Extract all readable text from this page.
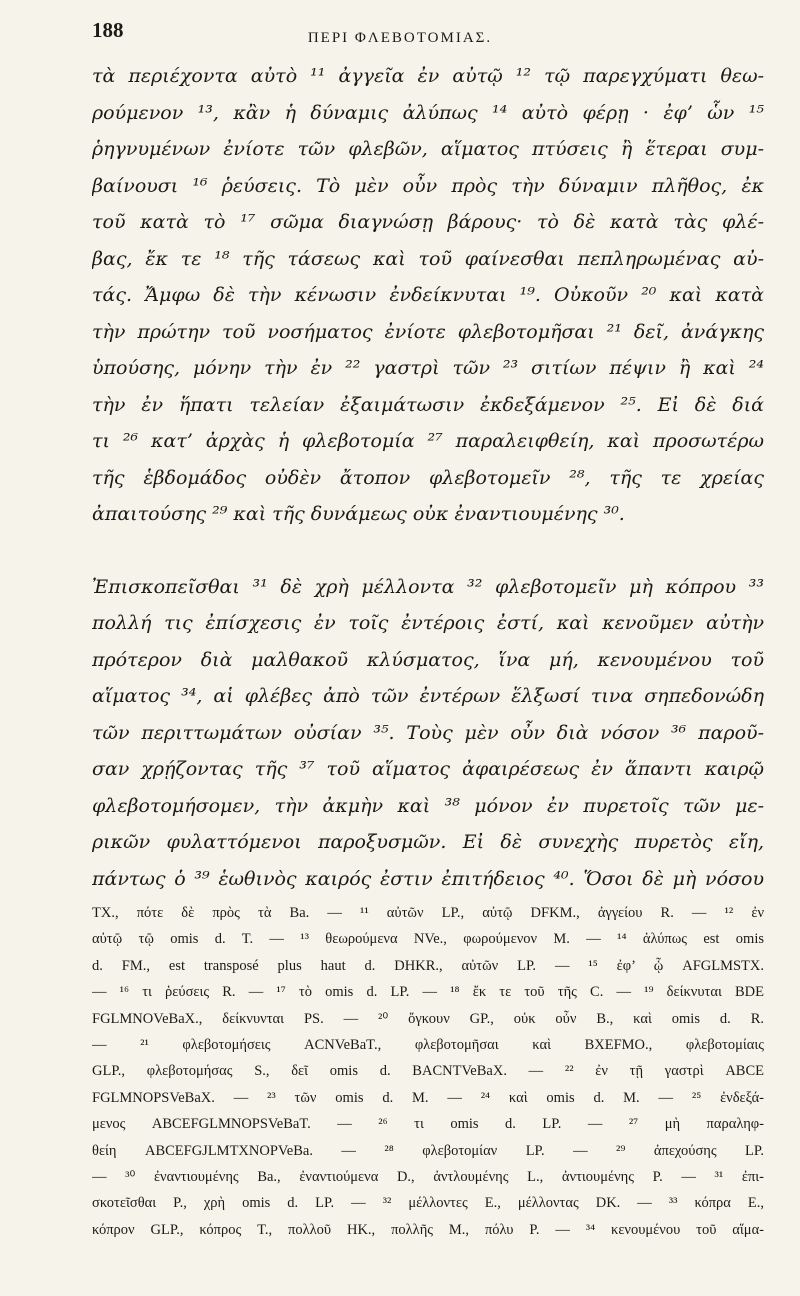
188	ΠΕΡΙ ΦΛΕΒΟΤΟΜΙΑΣ.
τὰ περιέχοντα αὐτὸ ¹¹ ἀγγεῖα ἐν αὐτῷ ¹² τῷ παρεγχύματι θεω-
ρούμενον ¹³, κἂν ἡ δύναμις ἀλύπως ¹⁴ αὐτὸ φέρῃ · ἐφ’ ὧν ¹⁵
ῥηγνυμένων ἐνίοτε τῶν φλεβῶν, αἵματος πτύσεις ἢ ἕτεραι συμ-
βαίνουσι ¹⁶ ῥεύσεις. Τὸ μὲν οὖν πρὸς τὴν δύναμιν πλῆθος, ἐκ
τοῦ κατὰ τὸ ¹⁷ σῶμα διαγνώσῃ βάρους· τὸ δὲ κατὰ τὰς φλέ-
βας, ἔκ τε ¹⁸ τῆς τάσεως καὶ τοῦ φαίνεσθαι πεπληρωμένας αὐ-
τάς. Ἄμφω δὲ τὴν κένωσιν ἐνδείκνυται ¹⁹. Οὐκοῦν ²⁰ καὶ κατὰ
τὴν πρώτην τοῦ νοσήματος ἐνίοτε φλεβοτομῆσαι ²¹ δεῖ, ἀνάγκης
ὑπούσης, μόνην τὴν ἐν ²² γαστρὶ τῶν ²³ σιτίων πέψιν ἢ καὶ ²⁴
τὴν ἐν ἥπατι τελείαν ἐξαιμάτωσιν ἐκδεξάμενον ²⁵. Εἰ δὲ διά
τι ²⁶ κατ’ ἀρχὰς ἡ φλεβοτομία ²⁷ παραλειφθείη, καὶ προσωτέρω
τῆς ἑβδομάδος οὐδὲν ἄτοπον φλεβοτομεῖν ²⁸, τῆς τε χρείας
ἀπαιτούσης ²⁹ καὶ τῆς δυνάμεως οὐκ ἐναντιουμένης ³⁰.
Ἐπισκοπεῖσθαι ³¹ δὲ χρὴ μέλλοντα ³² φλεβοτομεῖν μὴ κόπρου ³³
πολλή τις ἐπίσχεσις ἐν τοῖς ἐντέροις ἐστί, καὶ κενοῦμεν αὐτὴν
πρότερον διὰ μαλθακοῦ κλύσματος, ἵνα μή, κενουμένου τοῦ
αἵματος ³⁴, αἱ φλέβες ἀπὸ τῶν ἐντέρων ἕλξωσί τινα σηπεδονώδη
τῶν περιττωμάτων οὐσίαν ³⁵. Τοὺς μὲν οὖν διὰ νόσον ³⁶ παροῦ-
σαν χρῄζοντας τῆς ³⁷ τοῦ αἵματος ἀφαιρέσεως ἐν ἅπαντι καιρῷ
φλεβοτομήσομεν, τὴν ἀκμὴν καὶ ³⁸ μόνον ἐν πυρετοῖς τῶν με-
ρικῶν φυλαττόμενοι παροξυσμῶν. Εἰ δὲ συνεχὴς πυρετὸς εἴη,
πάντως ὁ ³⁹ ἑωθινὸς καιρός ἐστιν ἐπιτήδειος ⁴⁰. Ὅσοι δὲ μὴ νόσου
TX., πότε δὲ πρὸς τὰ Ba. — ¹¹ αὐτῶν LP., αὐτῷ DFKM., ἀγγείου R. — ¹² ἐν
αὐτῷ τῷ omis d. T. — ¹³ θεωρούμενα NVe., φωρούμενον M. — ¹⁴ ἀλύπως est omis
d. FM., est transposé plus haut d. DHKR., αὐτῶν LP. — ¹⁵ ἐφ’ ᾧ AFGLMSTX.
— ¹⁶ τι ῥεύσεις R. — ¹⁷ τὸ omis d. LP. — ¹⁸ ἔκ τε τοῦ τῆς C. — ¹⁹ δείκνυται BDE
FGLMNOVeBaX., δείκνυνται PS. — ²⁰ ὄγκουν GP., οὐκ οὖν B., καὶ omis d. R.
— ²¹ φλεβοτομήσεις ACNVeBaT., φλεβοτομῆσαι καὶ BXEFMO., φλεβοτομίαις
GLP., φλεβοτομήσας S., δεῖ omis d. BACNTVeBaX. — ²² ἐν τῇ γαστρὶ ABCE
FGLMNOPSVeBaX. — ²³ τῶν omis d. M. — ²⁴ καὶ omis d. M. — ²⁵ ἐνδεξά-
μενος ABCEFGLMNOPSVeBaT. — ²⁶ τι omis d. LP. — ²⁷ μὴ παραληφ-
θείη ABCEFGJLMTXNOPVeBa. — ²⁸ φλεβοτομίαν LP. — ²⁹ ἀπεχούσης LP.
— ³⁰ ἐναντιουμένης Ba., ἐναντιούμενα D., ἀντλουμένης L., ἀντιουμένης P. — ³¹ ἐπι-
σκοτεῖσθαι P., χρὴ omis d. LP. — ³² μέλλοντες E., μέλλοντας DK. — ³³ κόπρα E.,
κόπρον GLP., κόπρος T., πολλοῦ HK., πολλῆς M., πόλυ P. — ³⁴ κενουμένου τοῦ αἵμα-
